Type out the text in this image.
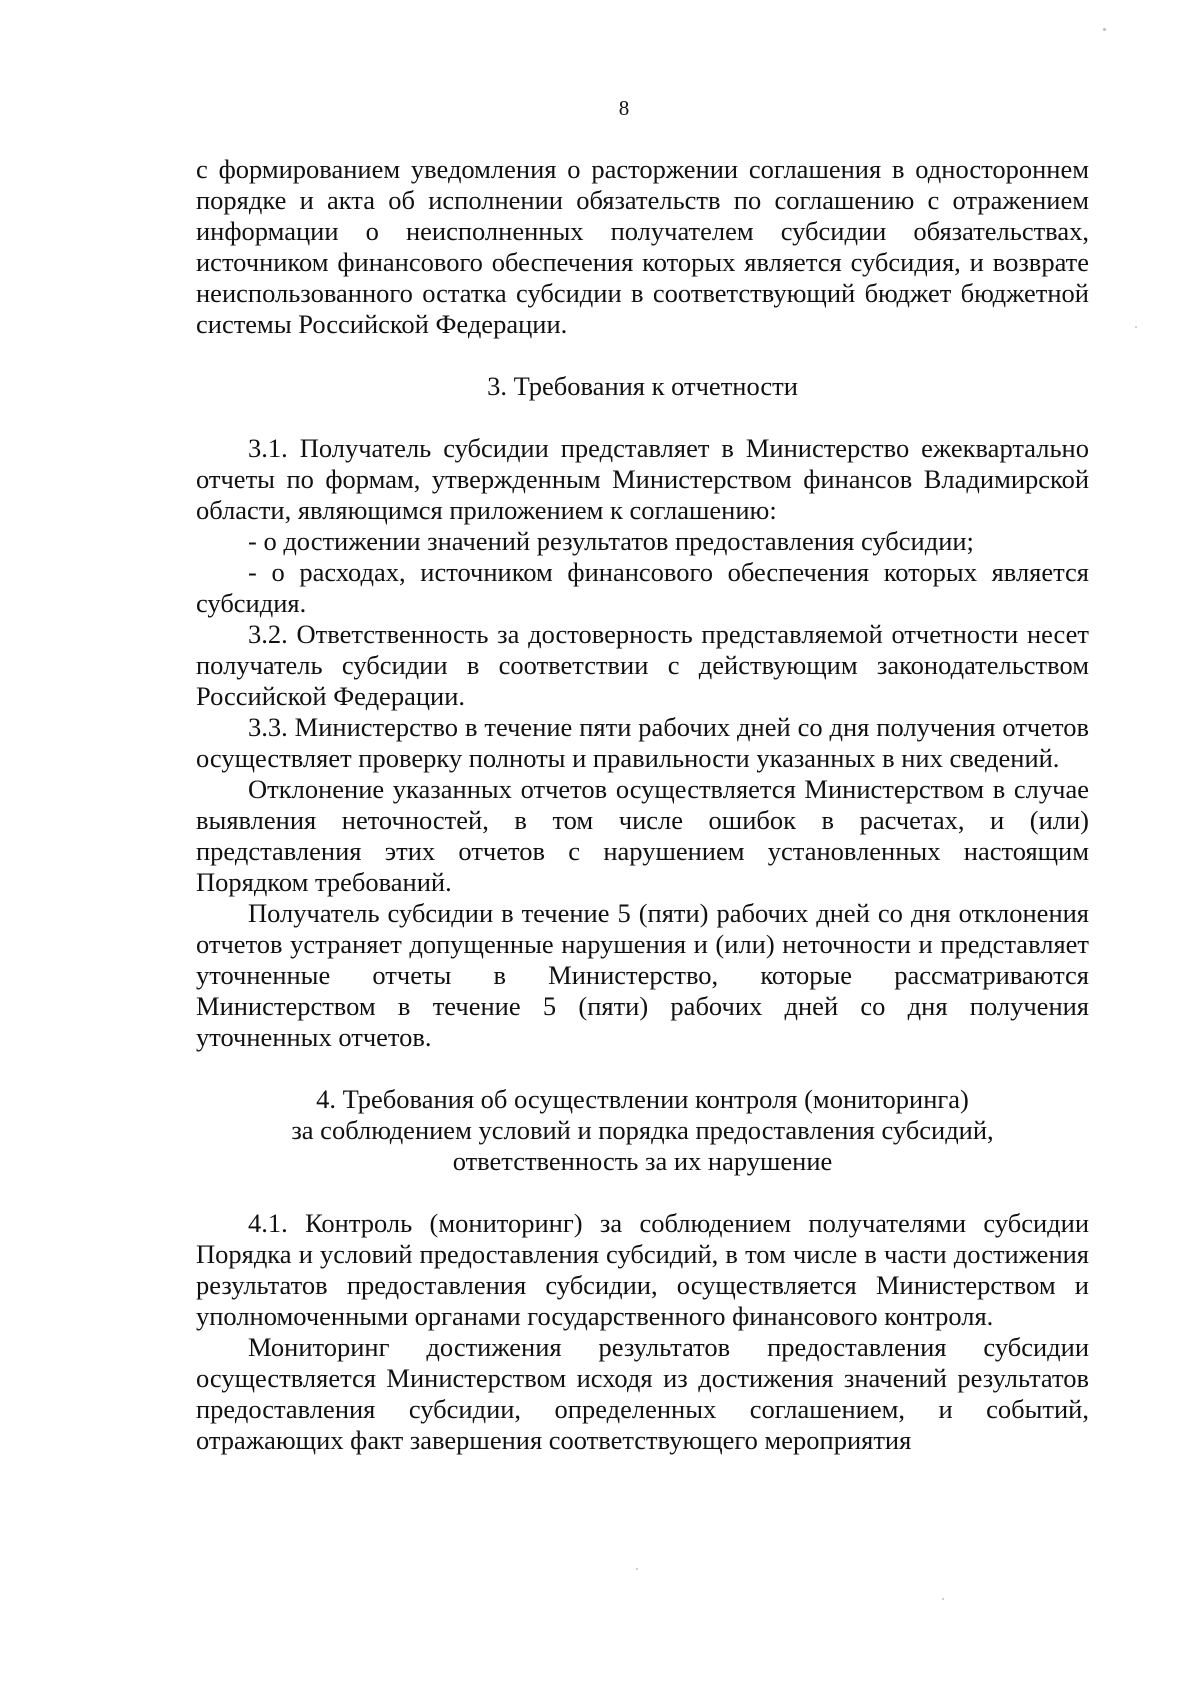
8

с формированием уведомления о расторжении соглашения в одностороннем порядке и акта об исполнении обязательств по соглашению с отражением информации о неисполненных получателем субсидии обязательствах, источником финансового обеспечения которых является субсидия, и возврате неиспользованного остатка субсидии в соответствующий бюджет бюджетной системы Российской Федерации.

3. Требования к отчетности

3.1. Получатель субсидии представляет в Министерство ежеквартально отчеты по формам, утвержденным Министерством финансов Владимирской области, являющимся приложением к соглашению:

- о достижении значений результатов предоставления субсидии;

- о расходах, источником финансового обеспечения которых является субсидия.

3.2. Ответственность за достоверность представляемой отчетности несет получатель субсидии в соответствии с действующим законодательством Российской Федерации.

3.3. Министерство в течение пяти рабочих дней со дня получения отчетов осуществляет проверку полноты и правильности указанных в них сведений.

Отклонение указанных отчетов осуществляется Министерством в случае выявления неточностей, в том числе ошибок в расчетах, и (или) представления этих отчетов с нарушением установленных настоящим Порядком требований.

Получатель субсидии в течение 5 (пяти) рабочих дней со дня отклонения отчетов устраняет допущенные нарушения и (или) неточности и представляет уточненные отчеты в Министерство, которые рассматриваются Министерством в течение 5 (пяти) рабочих дней со дня получения уточненных отчетов.

4. Требования об осуществлении контроля (мониторинга)
за соблюдением условий и порядка предоставления субсидий,
ответственность за их нарушение

4.1. Контроль (мониторинг) за соблюдением получателями субсидии Порядка и условий предоставления субсидий, в том числе в части достижения результатов предоставления субсидии, осуществляется Министерством и уполномоченными органами государственного финансового контроля.

Мониторинг достижения результатов предоставления субсидии осуществляется Министерством исходя из достижения значений результатов предоставления субсидии, определенных соглашением, и событий, отражающих факт завершения соответствующего мероприятия
